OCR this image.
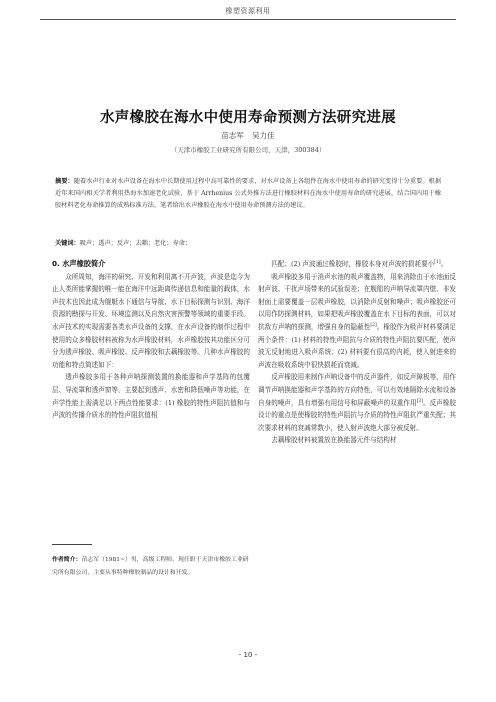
橡塑资源利用
水声橡胶在海水中使用寿命预测方法研究进展
苗志军 吴力佳
（天津市橡胶工业研究所有限公司，天津，300384）
摘要：随着水声行业对水声设备在海水中长期使用过程中高可靠性的要求，对水声设备上各组件在海水中使用寿命的研究变得十分重要。根据近年来国内相关学者利用热海水加速老化试验、基于 Arrhenius 公式外推方法进行橡胶材料在海水中使用寿命的研究进展，结合国内用于橡胶材料老化寿命推算的成熟标准方法，笔者给出水声橡胶在海水中使用寿命预测方法的建议。
关键词：吸声；透声；反声；去耦；老化；寿命；

0. 水声橡胶简介

众所周知，海洋的研究、开发和利用离不开声波，声波是迄今为止人类所能掌握的唯一能在海洋中远距离传递信息和能量的载体，水声技术也因此成为舰艇水下通信与导航、水下目标探测与识别、海洋资源的勘探与开发、环境监测以及自然灾害预警等领域的重要手段。水声技术的实现需要各类水声设备的支撑，在水声设备的制作过程中使用的众多橡胶材料被称为水声橡胶材料，水声橡胶按其功能区分可分为透声橡胶、吸声橡胶、反声橡胶和去藕橡胶等。几种水声橡胶的功能和特点简述如下：

透声橡胶多用于各种声呐探测装置的换能器和声学基阵的包覆层、导流罩和透声窗等，主要起到透声、水密和降低噪声等功能，在声学性能上需满足以下两点性能要求：(1) 橡胶的特性声阻抗值和与声波的传播介质水的特性声阻抗值相

作者简介：苗志军（1981~）男，高级工程师，现任职于天津市橡胶工业研究所有限公司，主要从事特种橡胶制品的设计和开发。

匹配；(2) 声波通过橡胶时，橡胶本身对声波的损耗要小[1]。

吸声橡胶多用于消声水池的吸声覆盖物，用来消除由于水池面反射声波、干扰声场带来的试验误差；在舰船的声呐导流罩内壁、非发射面上需要覆盖一层吸声橡胶，以消除声反射和噪声；吸声橡胶还可以用作防探测材料，如果把吸声橡胶覆盖在水下目标的表面，可以对抗敌方声呐的探测，增强自身的隐蔽性[2]。橡胶作为吸声材料要满足两个条件：(1) 材料的特性声阻抗与介质的特性声阻抗要匹配，使声波无反射地进入吸声系统；(2) 材料要有很高的内耗，使入射进来的声波在吸收系统中很快损耗而衰减。

反声橡胶用来制作声呐设备中的反声器件，如反声障板等，用作调节声呐换能器和声学基阵的方向特性，可以有效地隔除水流和设备自身的噪声，具有增强有用信号和屏蔽噪声的双重作用[3]。反声橡胶设计的重点是使橡胶的特性声阻抗与介质的特性声阻抗严重失配；其次要求材料的衰减常数小，使入射声波绝大部分被反射。

去藕橡胶材料被置放在换能器元件与结构材

- 10 -
